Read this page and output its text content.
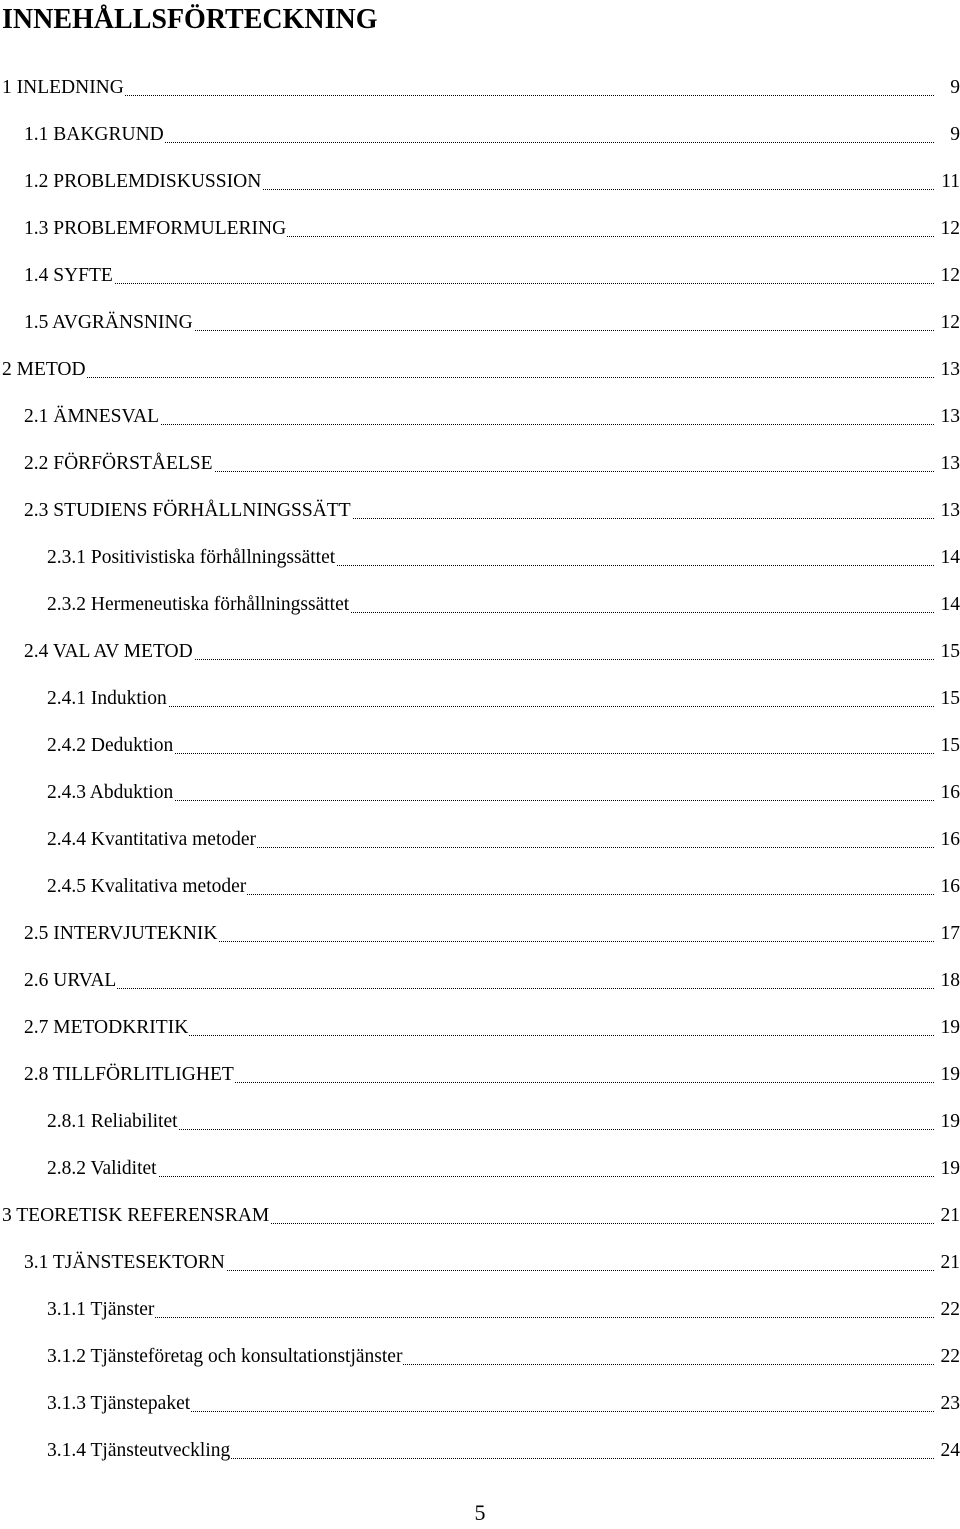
INNEHÅLLSFÖRTECKNING
1 INLEDNING	9
1.1 BAKGRUND	9
1.2 PROBLEMDISKUSSION	11
1.3 PROBLEMFORMULERING	12
1.4 SYFTE	12
1.5 AVGRÄNSNING	12
2 METOD	13
2.1 ÄMNESVAL	13
2.2 FÖRFÖRSTÅELSE	13
2.3 STUDIENS FÖRHÅLLNINGSSÄTT	13
2.3.1 Positivistiska förhållningssättet	14
2.3.2 Hermeneutiska förhållningssättet	14
2.4 VAL AV METOD	15
2.4.1 Induktion	15
2.4.2 Deduktion	15
2.4.3 Abduktion	16
2.4.4 Kvantitativa metoder	16
2.4.5 Kvalitativa metoder	16
2.5 INTERVJUTEKNIK	17
2.6 URVAL	18
2.7 METODKRITIK	19
2.8 TILLFÖRLITLIGHET	19
2.8.1 Reliabilitet	19
2.8.2 Validitet	19
3 TEORETISK REFERENSRAM	21
3.1 TJÄNSTESEKTORN	21
3.1.1 Tjänster	22
3.1.2 Tjänsteföretag och konsultationstjänster	22
3.1.3 Tjänstepaket	23
3.1.4 Tjänsteutveckling	24
5
